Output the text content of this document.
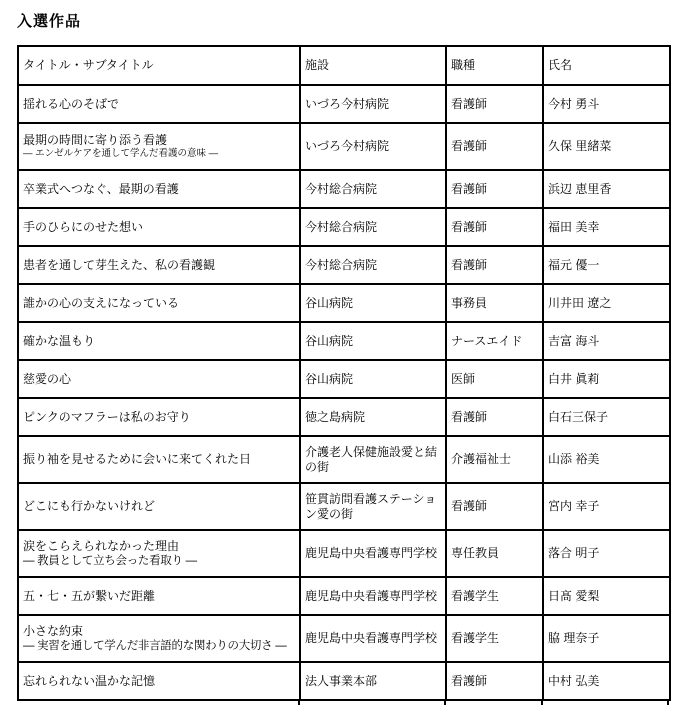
入選作品
タイトル・サブタイトル	施設	職種	氏名

揺れる心のそばで	いづろ今村病院	看護師	今村 勇斗

最期の時間に寄り添う看護
― エンゼルケアを通して学んだ看護の意味 ―	いづろ今村病院	看護師	久保 里緒菜

卒業式へつなぐ、最期の看護	今村総合病院	看護師	浜辺 恵里香

手のひらにのせた想い	今村総合病院	看護師	福田 美幸

患者を通して芽生えた、私の看護観	今村総合病院	看護師	福元 優一

誰かの心の支えになっている	谷山病院	事務員	川井田 遼之

確かな温もり	谷山病院	ナースエイド	吉富 海斗

慈愛の心	谷山病院	医師	白井 眞莉

ピンクのマフラーは私のお守り	徳之島病院	看護師	白石三保子

振り袖を見せるために会いに来てくれた日	介護老人保健施設愛と結の街	介護福祉士	山添 裕美

どこにも行かないけれど	笹貫訪問看護ステーション愛の街	看護師	宮内 幸子

涙をこらえられなかった理由
― 教員として立ち会った看取り ―	鹿児島中央看護専門学校	専任教員	落合 明子

五・七・五が繋いだ距離	鹿児島中央看護専門学校	看護学生	日髙 愛梨

小さな約束
― 実習を通して学んだ非言語的な関わりの大切さ ―	鹿児島中央看護専門学校	看護学生	脇 理奈子

忘れられない温かな記憶	法人事業本部	看護師	中村 弘美
